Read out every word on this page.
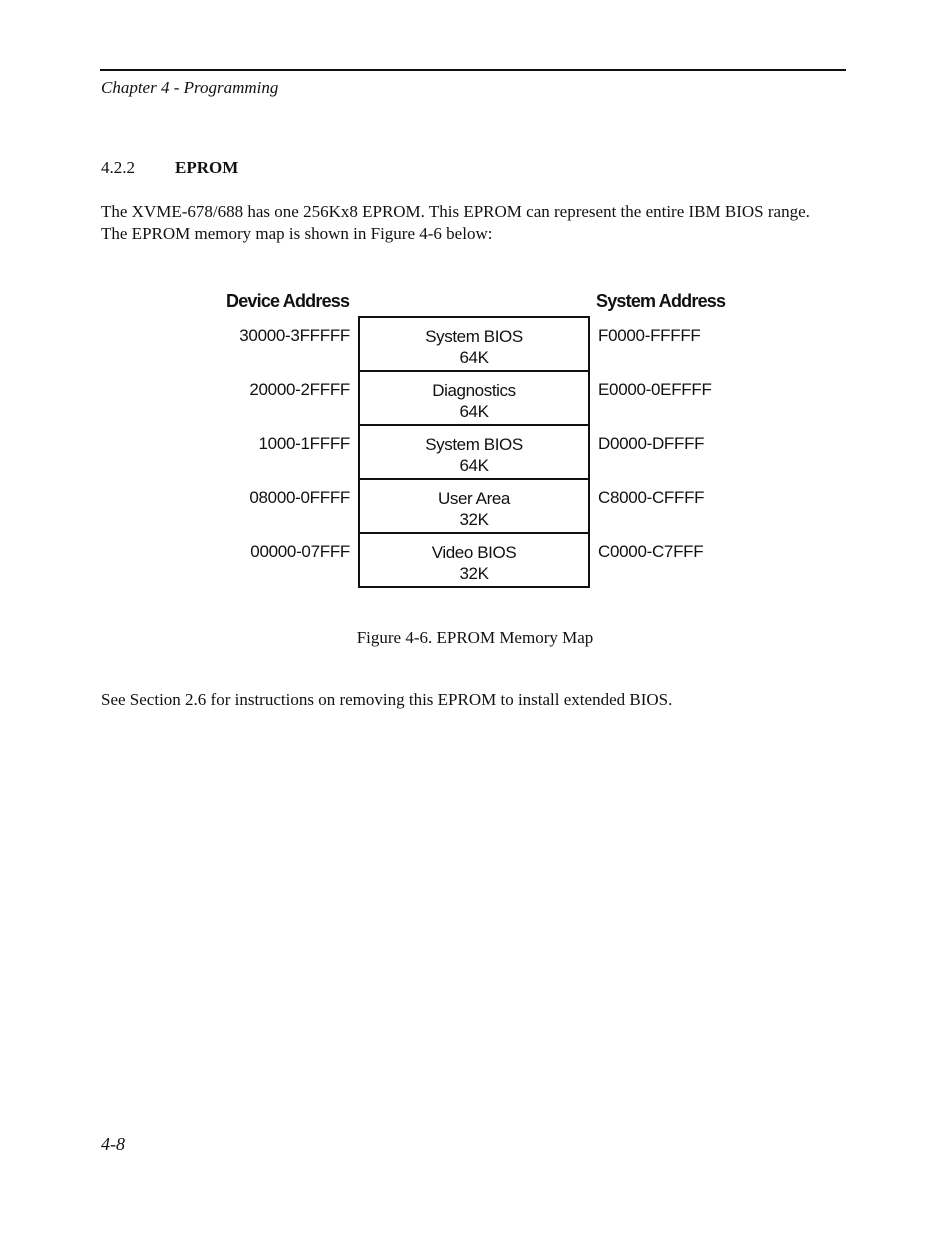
Chapter 4 - Programming
4.2.2 EPROM
The XVME-678/688 has one 256Kx8 EPROM. This EPROM can represent the entire IBM BIOS range.
The EPROM memory map is shown in Figure 4-6 below:
Device Address	System Address
30000-3FFFFF
20000-2FFFF
1000-1FFFF
08000-0FFFF
00000-07FFF
System BIOS
64K
Diagnostics
64K
System BIOS
64K
User Area
32K
Video BIOS
32K
F0000-FFFFF
E0000-0EFFFF
D0000-DFFFF
C8000-CFFFF
C0000-C7FFF
Figure 4-6. EPROM Memory Map
See Section 2.6 for instructions on removing this EPROM to install extended BIOS.
4-8
